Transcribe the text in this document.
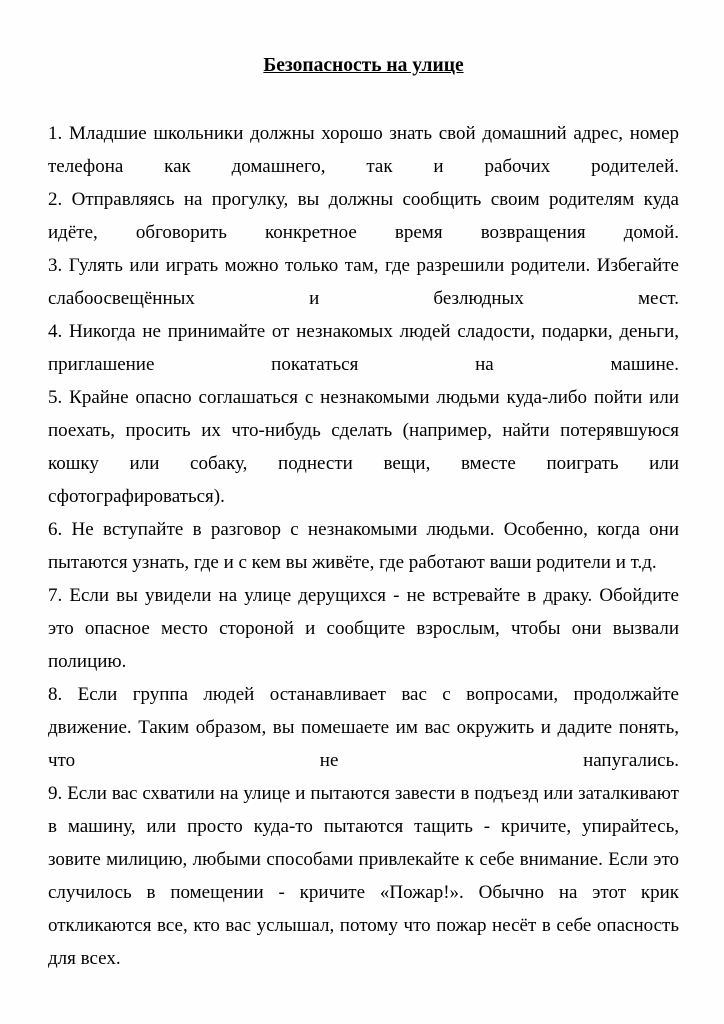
Безопасность на улице

1. Младшие школьники должны хорошо знать свой домашний адрес, номер телефона как домашнего, так и рабочих родителей.

2. Отправляясь на прогулку, вы должны сообщить своим родителям куда идёте, обговорить конкретное время возвращения домой.

3. Гулять или играть можно только там, где разрешили родители. Избегайте слабоосвещённых и безлюдных мест.

4. Никогда не принимайте от незнакомых людей сладости, подарки, деньги, приглашение покататься на машине.

5. Крайне опасно соглашаться с незнакомыми людьми куда-либо пойти или поехать, просить их что-нибудь сделать (например, найти потерявшуюся кошку или собаку, поднести вещи, вместе поиграть или сфотографироваться).

6. Не вступайте в разговор с незнакомыми людьми. Особенно, когда они пытаются узнать, где и с кем вы живёте, где работают ваши родители и т.д.

7. Если вы увидели на улице дерущихся - не встревайте в драку. Обойдите это опасное место стороной и сообщите взрослым, чтобы они вызвали полицию.

8. Если группа людей останавливает вас с вопросами, продолжайте движение. Таким образом, вы помешаете им вас окружить и дадите понять, что не напугались.

9. Если вас схватили на улице и пытаются завести в подъезд или заталкивают в машину, или просто куда-то пытаются тащить - кричите, упирайтесь, зовите милицию, любыми способами привлекайте к себе внимание. Если это случилось в помещении - кричите «Пожар!». Обычно на этот крик откликаются все, кто вас услышал, потому что пожар несёт в себе опасность для всех.
